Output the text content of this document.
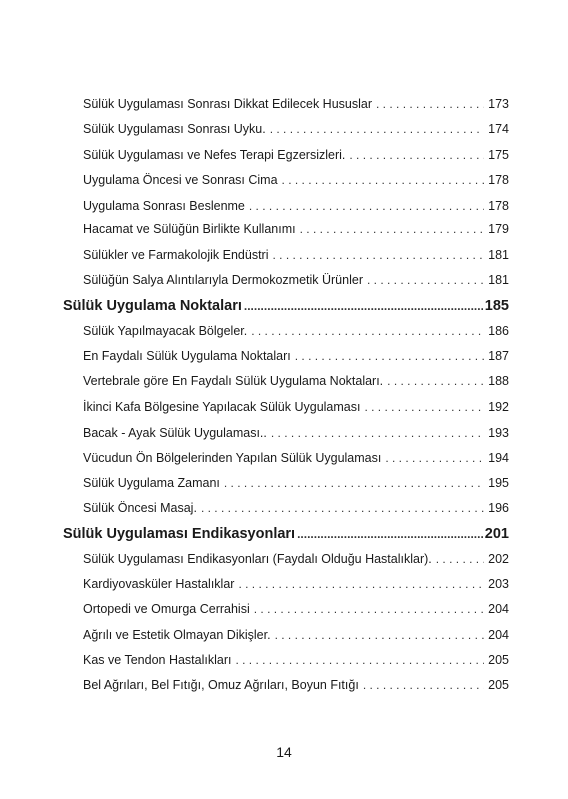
Sülük Uygulaması Sonrası Dikkat Edilecek Hususlar . . .	173
Sülük Uygulaması Sonrası Uyku. . . .	174
Sülük Uygulaması ve Nefes Terapi Egzersizleri. . . .	175
Uygulama Öncesi ve Sonrası Cima . . .	178
Uygulama Sonrası Beslenme . . .	178
Hacamat ve Sülüğün Birlikte Kullanımı . . .	179
Sülükler ve Farmakolojik Endüstri . . .	181
Sülüğün Salya Alıntılarıyla Dermokozmetik Ürünler . . .	181
Sülük Uygulama Noktaları .....	185
Sülük Yapılmayacak Bölgeler. . . .	186
En Faydalı Sülük Uygulama Noktaları . . .	187
Vertebrale göre En Faydalı Sülük Uygulama Noktaları. . . .	188
İkinci Kafa Bölgesine Yapılacak Sülük Uygulaması . . .	192
Bacak - Ayak Sülük Uygulaması.. . . .	193
Vücudun Ön Bölgelerinden Yapılan Sülük Uygulaması . . .	194
Sülük Uygulama Zamanı . . .	195
Sülük Öncesi Masaj. . . .	196
Sülük Uygulaması Endikasyonları .....	201
Sülük Uygulaması Endikasyonları (Faydalı Olduğu Hastalıklar). . . .	202
Kardiyovasküler Hastalıklar . . .	203
Ortopedi ve Omurga Cerrahisi . . .	204
Ağrılı ve Estetik Olmayan Dikişler. . . .	204
Kas ve Tendon Hastalıkları . . .	205
Bel Ağrıları, Bel Fıtığı, Omuz Ağrıları, Boyun Fıtığı . . .	205
14
